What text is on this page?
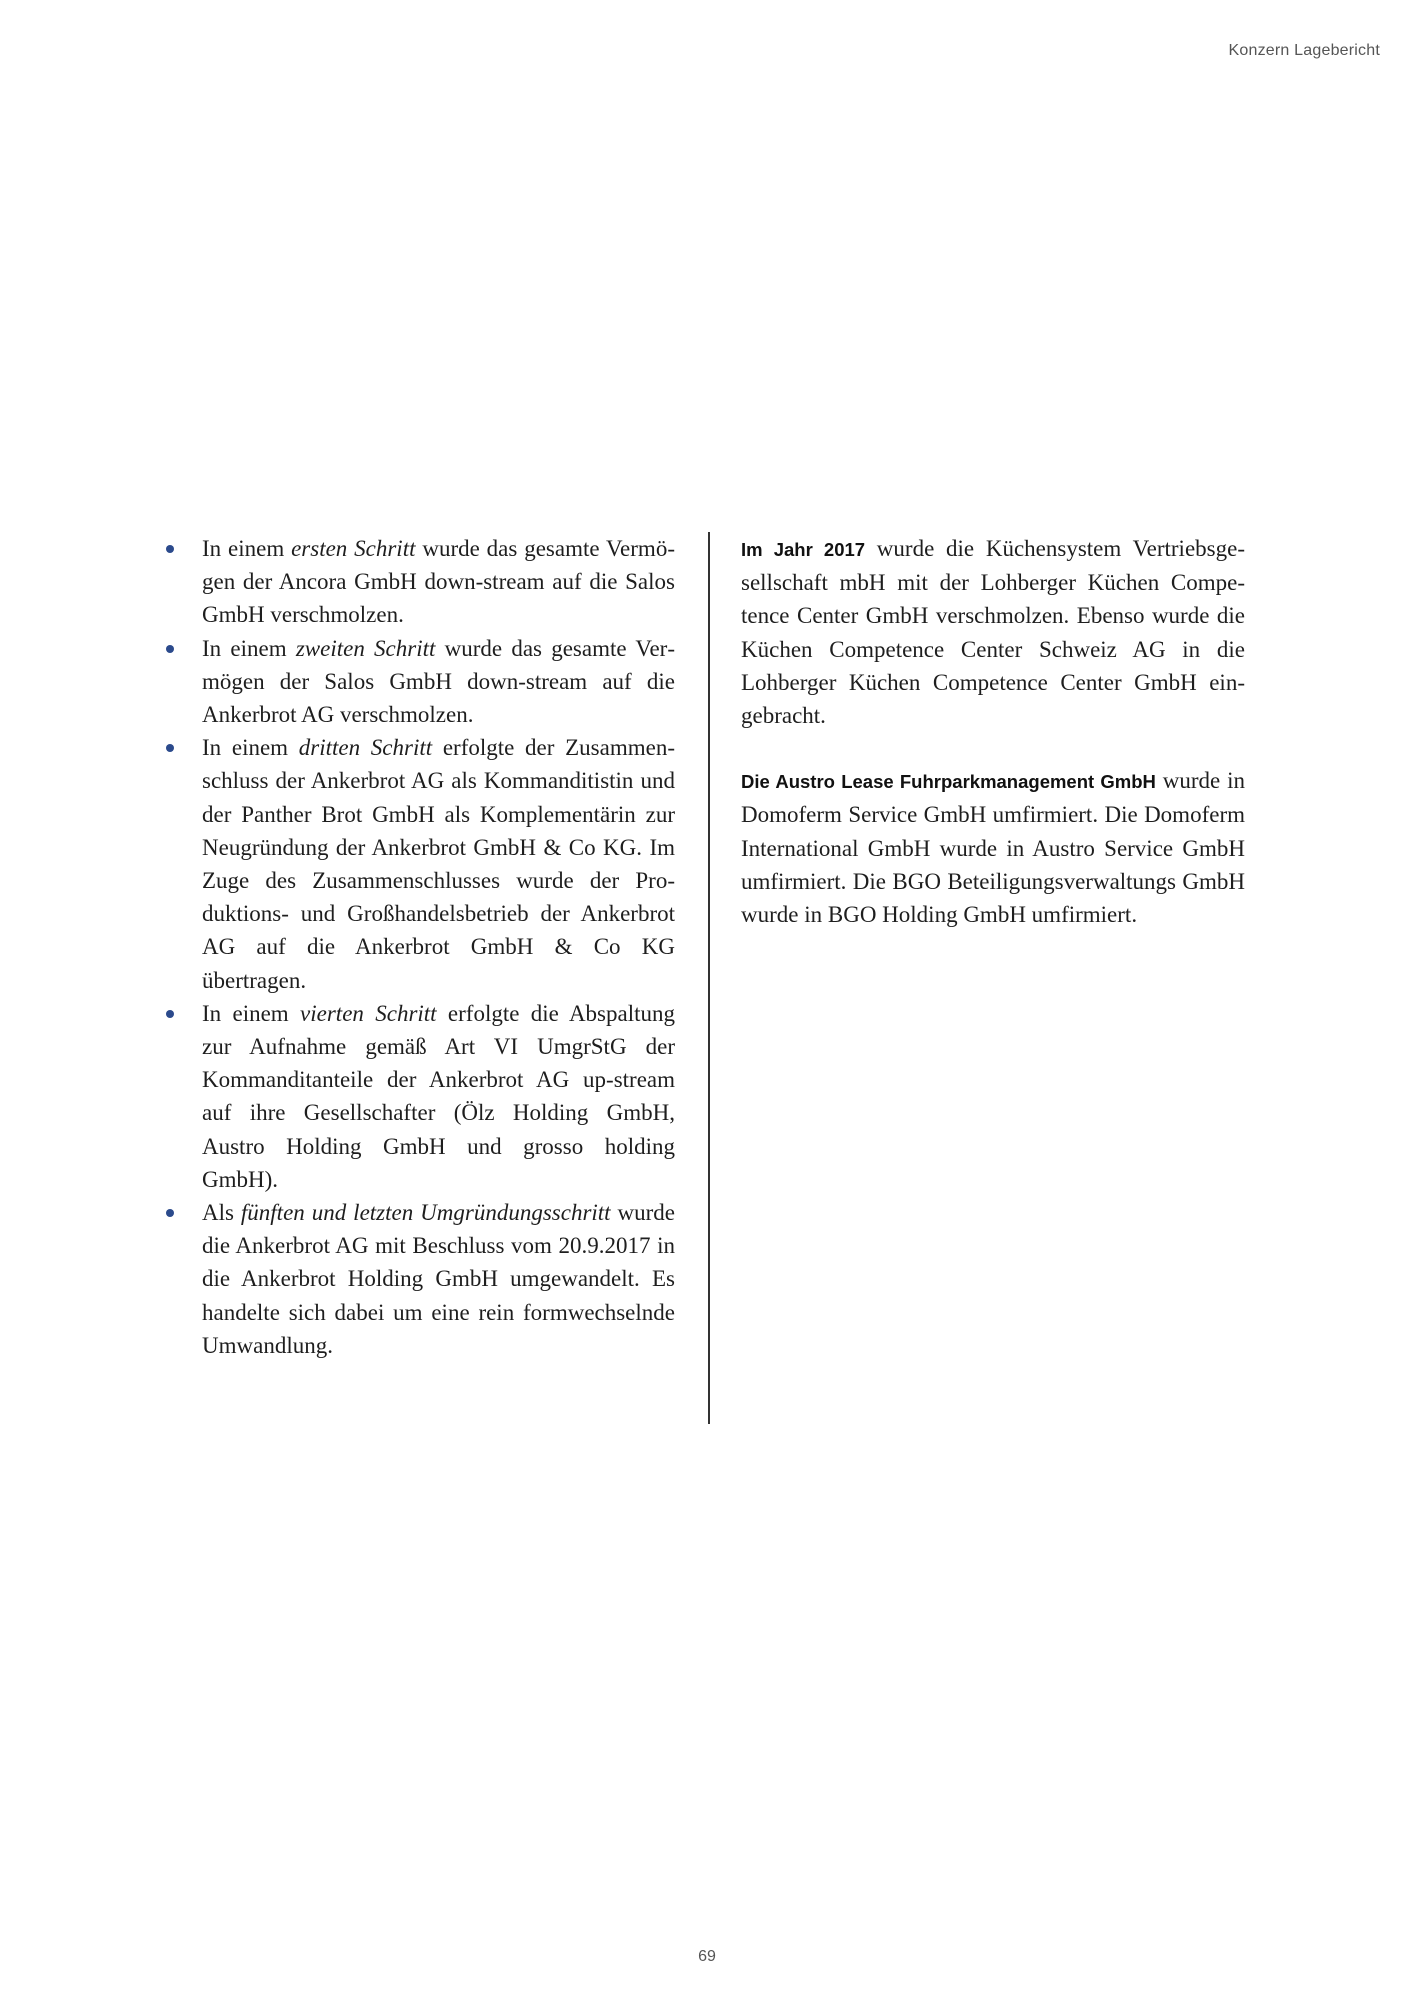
Konzern Lagebericht
In einem ersten Schritt wurde das gesamte Vermögen der Ancora GmbH down-stream auf die Salos GmbH verschmolzen.
In einem zweiten Schritt wurde das gesamte Vermögen der Salos GmbH down-stream auf die Ankerbrot AG verschmolzen.
In einem dritten Schritt erfolgte der Zusammenschluss der Ankerbrot AG als Kommanditistin und der Panther Brot GmbH als Komplementärin zur Neugründung der Ankerbrot GmbH & Co KG. Im Zuge des Zusammenschlusses wurde der Produktions- und Großhandelsbetrieb der Ankerbrot AG auf die Ankerbrot GmbH & Co KG übertragen.
In einem vierten Schritt erfolgte die Abspaltung zur Aufnahme gemäß Art VI UmgrStG der Kommanditanteile der Ankerbrot AG up-stream auf ihre Gesellschafter (Ölz Holding GmbH, Austro Holding GmbH und grosso holding GmbH).
Als fünften und letzten Umgründungsschritt wurde die Ankerbrot AG mit Beschluss vom 20.9.2017 in die Ankerbrot Holding GmbH umgewandelt. Es handelte sich dabei um eine rein formwechselnde Umwandlung.

Im Jahr 2017 wurde die Küchensystem Vertriebsgesellschaft mbH mit der Lohberger Küchen Competence Center GmbH verschmolzen. Ebenso wurde die Küchen Competence Center Schweiz AG in die Lohberger Küchen Competence Center GmbH eingebracht.

Die Austro Lease Fuhrparkmanagement GmbH wurde in Domoferm Service GmbH umfirmiert. Die Domoferm International GmbH wurde in Austro Service GmbH umfirmiert. Die BGO Beteiligungsverwaltungs GmbH wurde in BGO Holding GmbH umfirmiert.

69
